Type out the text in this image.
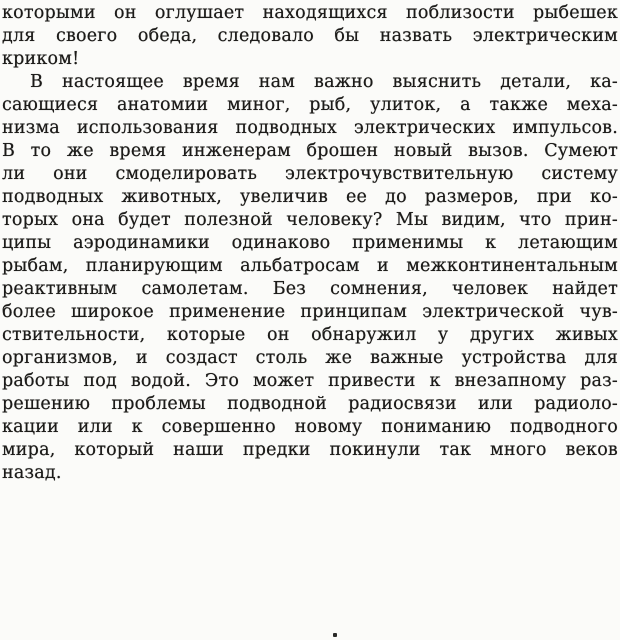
которыми он оглушает находящихся поблизости рыбешек
для своего обеда, следовало бы назвать электрическим
криком!
В настоящее время нам важно выяснить детали, ка-
сающиеся анатомии миног, рыб, улиток, а также меха-
низма использования подводных электрических импульсов.
В то же время инженерам брошен новый вызов. Сумеют
ли они смоделировать электрочувствительную систему
подводных животных, увеличив ее до размеров, при ко-
торых она будет полезной человеку? Мы видим, что прин-
ципы аэродинамики одинаково применимы к летающим
рыбам, планирующим альбатросам и межконтинентальным
реактивным самолетам. Без сомнения, человек найдет
более широкое применение принципам электрической чув-
ствительности, которые он обнаружил у других живых
организмов, и создаст столь же важные устройства для
работы под водой. Это может привести к внезапному раз-
решению проблемы подводной радиосвязи или радиоло-
кации или к совершенно новому пониманию подводного
мира, который наши предки покинули так много веков
назад.
